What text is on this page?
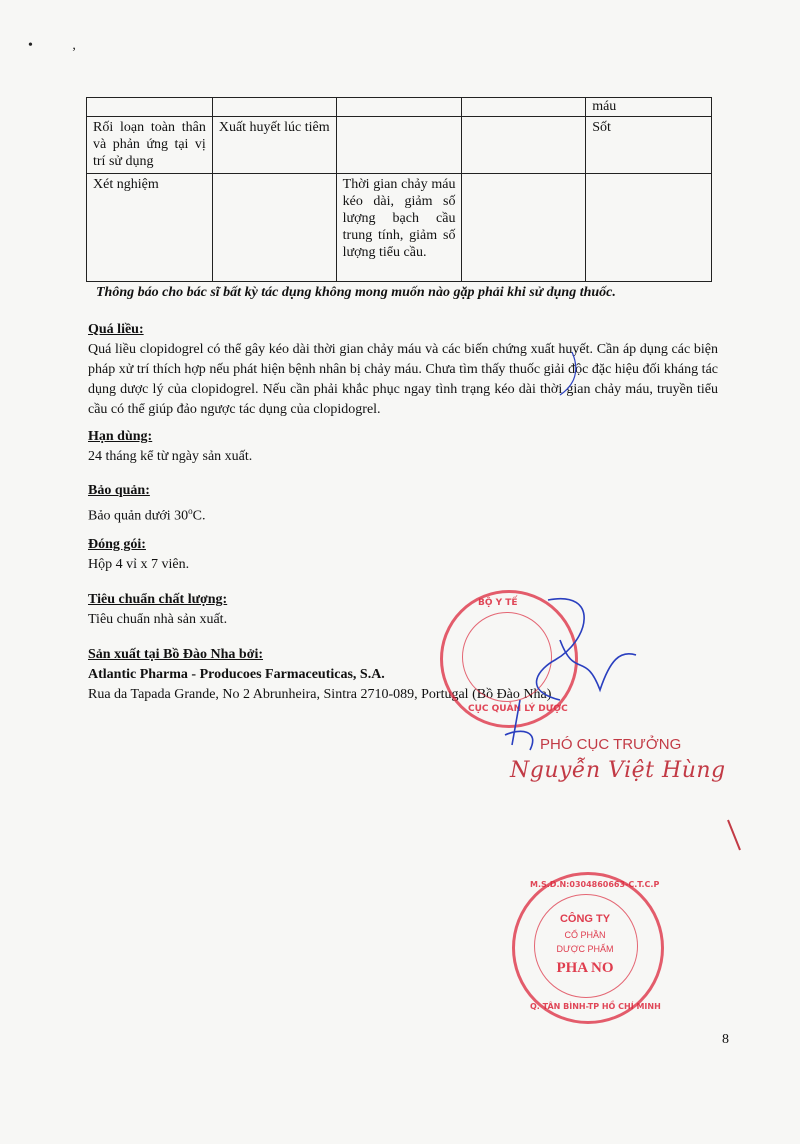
• ,
				máu
Rối loạn toàn thân và phản ứng tại vị trí sử dụng	Xuất huyết lúc tiêm			Sốt
Xét nghiệm		Thời gian chảy máu kéo dài, giảm số lượng bạch cầu trung tính, giảm số lượng tiểu cầu.		
Thông báo cho bác sĩ bất kỳ tác dụng không mong muốn nào gặp phải khi sử dụng thuốc.
Quá liều:
Quá liều clopidogrel có thể gây kéo dài thời gian chảy máu và các biến chứng xuất huyết. Cần áp dụng các biện pháp xử trí thích hợp nếu phát hiện bệnh nhân bị chảy máu. Chưa tìm thấy thuốc giải độc đặc hiệu đối kháng tác dụng dược lý của clopidogrel. Nếu cần phải khắc phục ngay tình trạng kéo dài thời gian chảy máu, truyền tiểu cầu có thể giúp đảo ngược tác dụng của clopidogrel.
Hạn dùng:
24 tháng kể từ ngày sản xuất.
Bảo quản:
Bảo quản dưới 30$^o$C.
Đóng gói:
Hộp 4 vỉ x 7 viên.
Tiêu chuẩn chất lượng:
Tiêu chuẩn nhà sản xuất.
Sản xuất tại Bồ Đào Nha bởi:
Atlantic Pharma - Producoes Farmaceuticas, S.A.
Rua da Tapada Grande, No 2 Abrunheira, Sintra 2710-089, Portugal (Bồ Đào Nha)
BỘ Y TẾ
CỤC QUẢN LÝ DƯỢC
PHÓ CỤC TRƯỞNG
Nguyễn Việt Hùng
M.S.D.N:0304860663-C.T.C.P
Q. TÂN BÌNH-TP HỒ CHÍ MINH
CÔNG TY
CỔ PHẦN
DƯỢC PHẨM
PHA NO
8
